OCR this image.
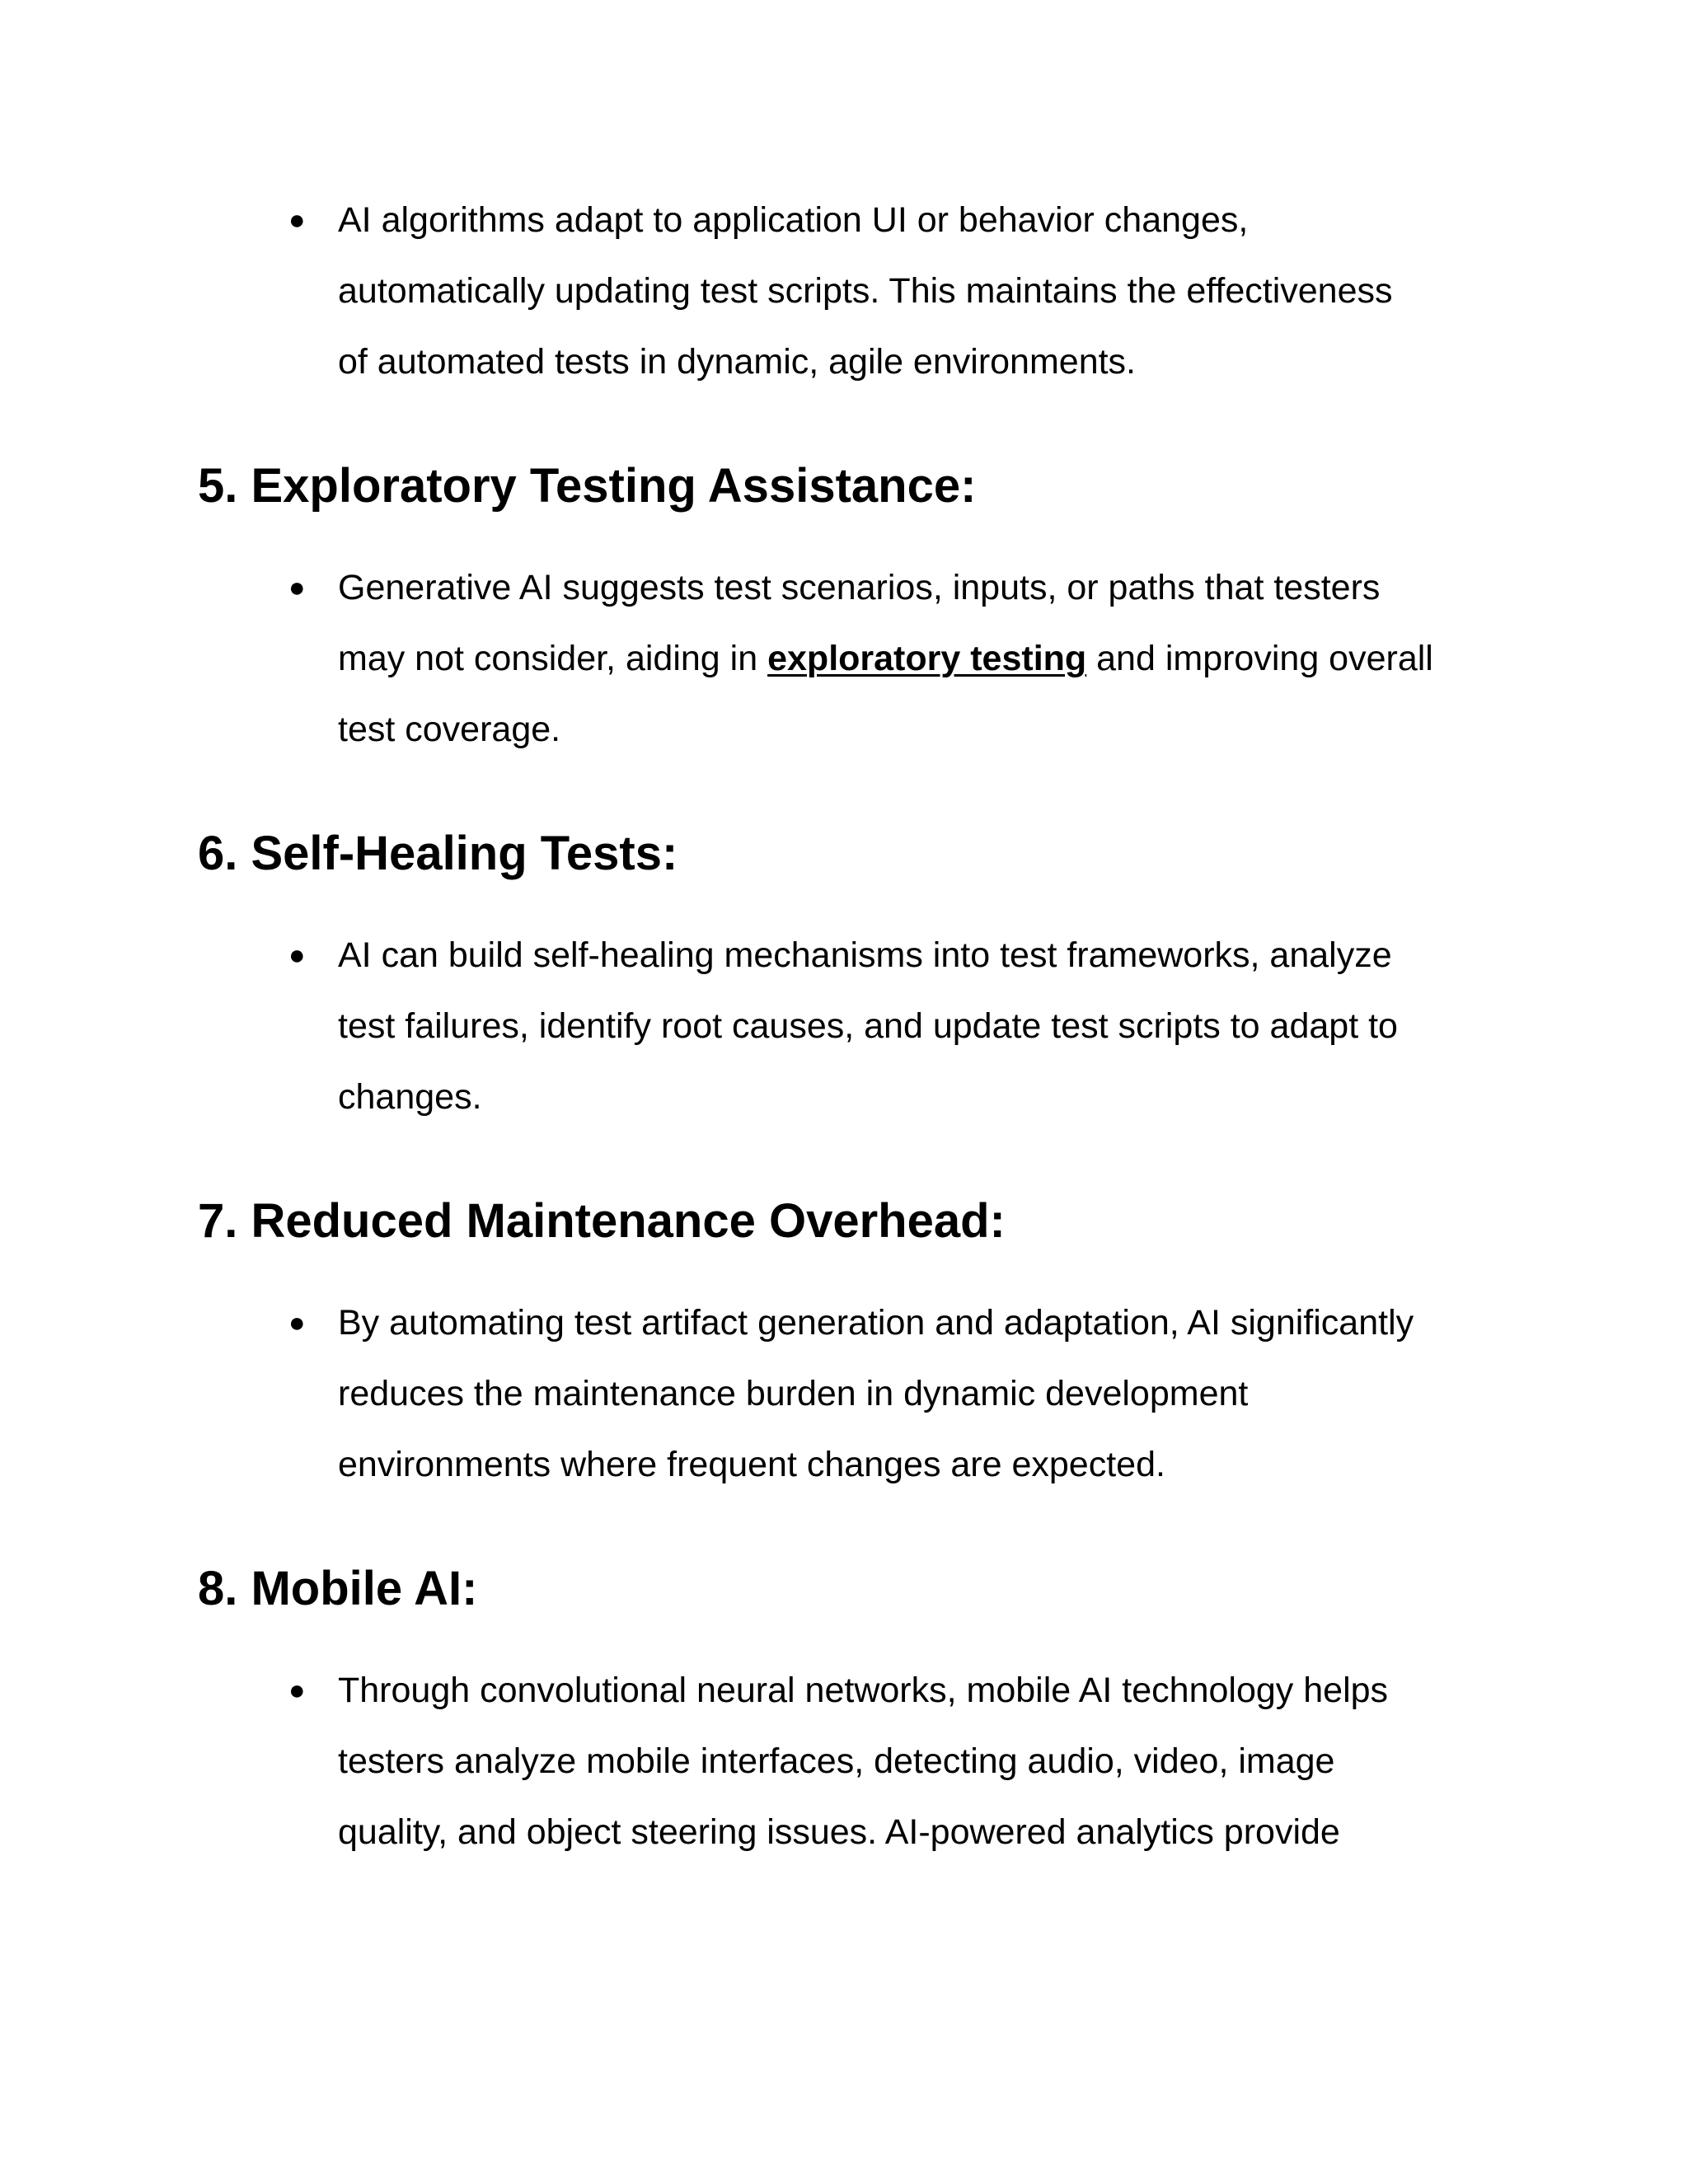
● AI algorithms adapt to application UI or behavior changes,
automatically updating test scripts. This maintains the effectiveness
of automated tests in dynamic, agile environments.
5. Exploratory Testing Assistance:
● Generative AI suggests test scenarios, inputs, or paths that testers
may not consider, aiding in exploratory testing and improving overall
test coverage.
6. Self-Healing Tests:
● AI can build self-healing mechanisms into test frameworks, analyze
test failures, identify root causes, and update test scripts to adapt to
changes.
7. Reduced Maintenance Overhead:
● By automating test artifact generation and adaptation, AI significantly
reduces the maintenance burden in dynamic development
environments where frequent changes are expected.
8. Mobile AI:
● Through convolutional neural networks, mobile AI technology helps
testers analyze mobile interfaces, detecting audio, video, image
quality, and object steering issues. AI-powered analytics provide
